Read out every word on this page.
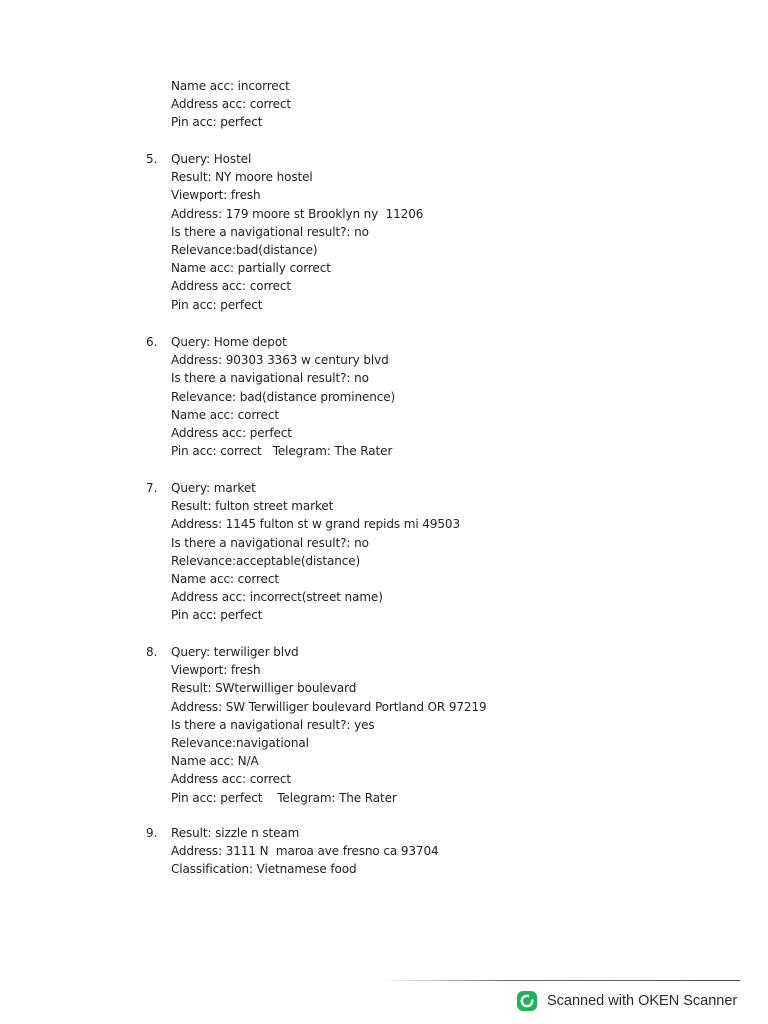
Name acc: incorrect
Address acc: correct
Pin acc: perfect
5. Query: Hostel
Result: NY moore hostel
Viewport: fresh
Address: 179 moore st Brooklyn ny  11206
Is there a navigational result?: no
Relevance:bad(distance)
Name acc: partially correct
Address acc: correct
Pin acc: perfect
6. Query: Home depot
Address: 90303 3363 w century blvd
Is there a navigational result?: no
Relevance: bad(distance prominence)
Name acc: correct
Address acc: perfect
Pin acc: correct   Telegram: The Rater
7. Query: market
Result: fulton street market
Address: 1145 fulton st w grand repids mi 49503
Is there a navigational result?: no
Relevance:acceptable(distance)
Name acc: correct
Address acc: incorrect(street name)
Pin acc: perfect
8. Query: terwiliger blvd
Viewport: fresh
Result: SWterwilliger boulevard
Address: SW Terwilliger boulevard Portland OR 97219
Is there a navigational result?: yes
Relevance:navigational
Name acc: N/A
Address acc: correct
Pin acc: perfect    Telegram: The Rater
9. Result: sizzle n steam
Address: 3111 N  maroa ave fresno ca 93704
Classification: Vietnamese food
Scanned with OKEN Scanner
